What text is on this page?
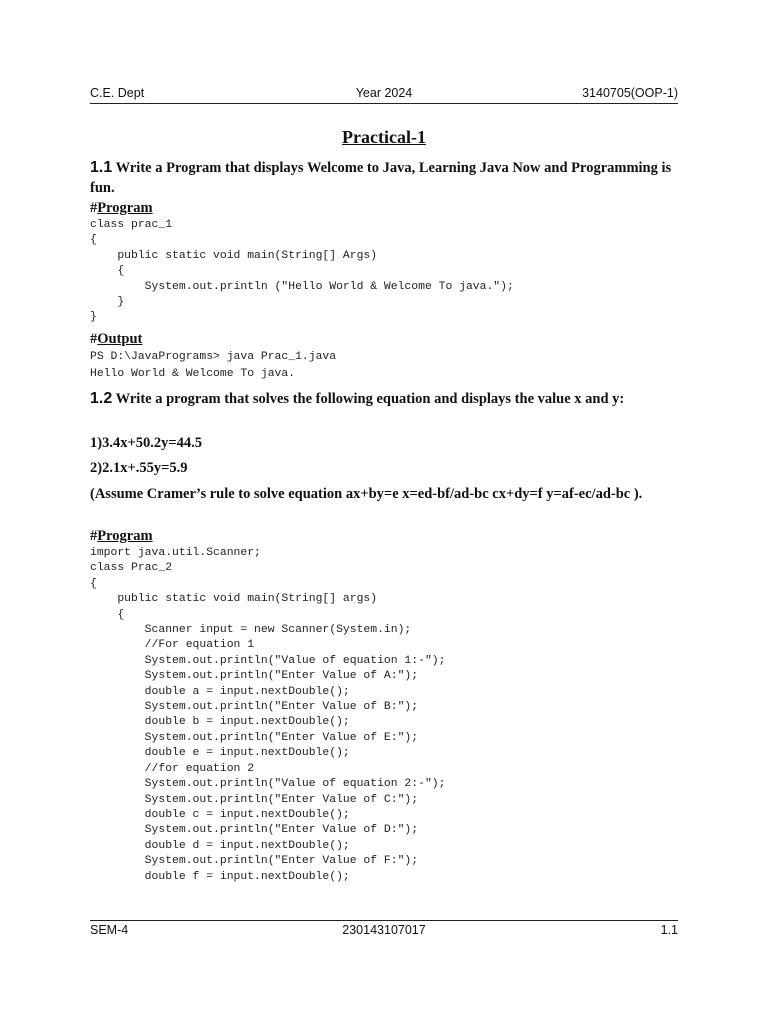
C.E. Dept	Year 2024	3140705(OOP-1)
Practical-1
1.1 Write a Program that displays Welcome to Java, Learning Java Now and Programming is fun.
#Program
class prac_1
{
public static void main(String[] Args)
{
System.out.println ("Hello World & Welcome To java.");
}
}
#Output
PS D:\JavaPrograms> java Prac_1.java
Hello World & Welcome To java.
1.2 Write a program that solves the following equation and displays the value x and y:
1)3.4x+50.2y=44.5
2)2.1x+.55y=5.9
(Assume Cramer’s rule to solve equation ax+by=e x=ed-bf/ad-bc cx+dy=f y=af-ec/ad-bc ).
#Program
import java.util.Scanner;
class Prac_2
{
public static void main(String[] args)
{
Scanner input = new Scanner(System.in);
//For equation 1
System.out.println("Value of equation 1:-");
System.out.println("Enter Value of A:");
double a = input.nextDouble();
System.out.println("Enter Value of B:");
double b = input.nextDouble();
System.out.println("Enter Value of E:");
double e = input.nextDouble();
//for equation 2
System.out.println("Value of equation 2:-");
System.out.println("Enter Value of C:");
double c = input.nextDouble();
System.out.println("Enter Value of D:");
double d = input.nextDouble();
System.out.println("Enter Value of F:");
double f = input.nextDouble();
SEM-4	230143107017	1.1
